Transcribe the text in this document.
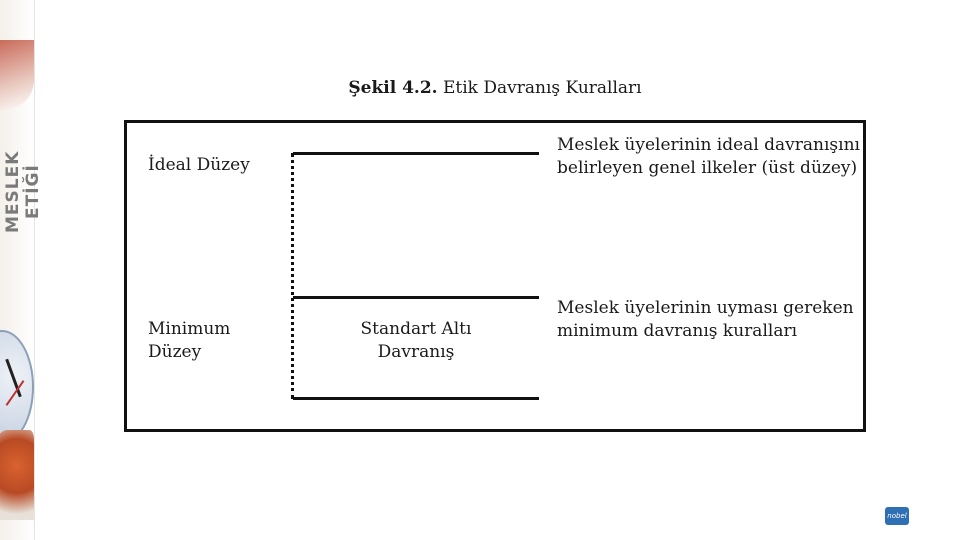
MESLEK ETİĞİ
Şekil 4.2. Etik Davranış Kuralları
İdeal Düzey
Minimum
Düzey
Standart Altı
Davranış
Meslek üyelerinin ideal davranışını
belirleyen genel ilkeler (üst düzey)
Meslek üyelerinin uyması gereken
minimum davranış kuralları
nobel
